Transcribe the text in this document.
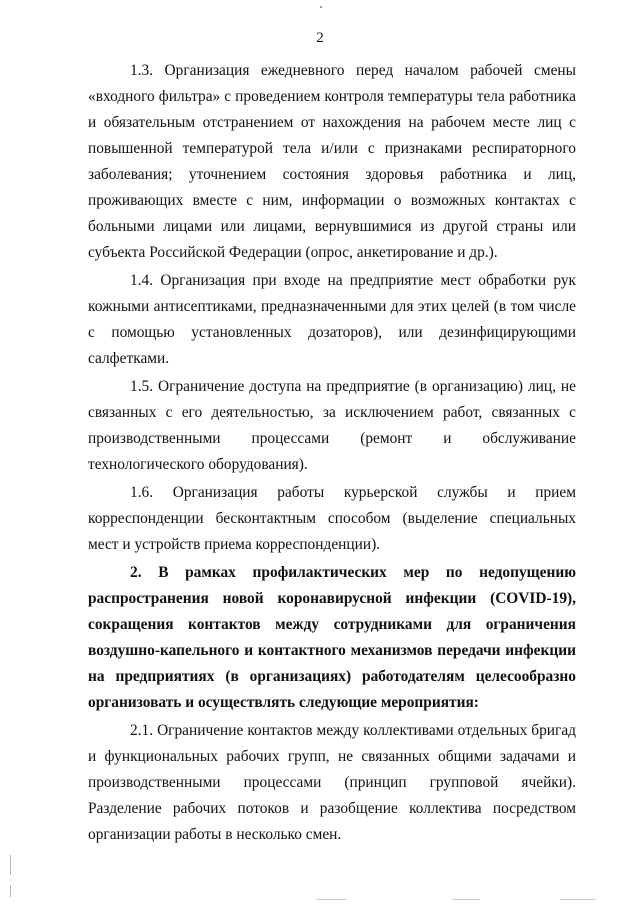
2

1.3. Организация ежедневного перед началом рабочей смены «входного фильтра» с проведением контроля температуры тела работника и обязательным отстранением от нахождения на рабочем месте лиц с повышенной температурой тела и/или с признаками респираторного заболевания; уточнением состояния здоровья работника и лиц, проживающих вместе с ним, информации о возможных контактах с больными лицами или лицами, вернувшимися из другой страны или субъекта Российской Федерации (опрос, анкетирование и др.).

1.4. Организация при входе на предприятие мест обработки рук кожными антисептиками, предназначенными для этих целей (в том числе с помощью установленных дозаторов), или дезинфицирующими салфетками.

1.5. Ограничение доступа на предприятие (в организацию) лиц, не связанных с его деятельностью, за исключением работ, связанных с производственными процессами (ремонт и обслуживание технологического оборудования).

1.6. Организация работы курьерской службы и прием корреспонденции бесконтактным способом (выделение специальных мест и устройств приема корреспонденции).

2. В рамках профилактических мер по недопущению распространения новой коронавирусной инфекции (COVID-19), сокращения контактов между сотрудниками для ограничения воздушно-капельного и контактного механизмов передачи инфекции на предприятиях (в организациях) работодателям целесообразно организовать и осуществлять следующие мероприятия:

2.1. Ограничение контактов между коллективами отдельных бригад и функциональных рабочих групп, не связанных общими задачами и производственными процессами (принцип групповой ячейки). Разделение рабочих потоков и разобщение коллектива посредством организации работы в несколько смен.
